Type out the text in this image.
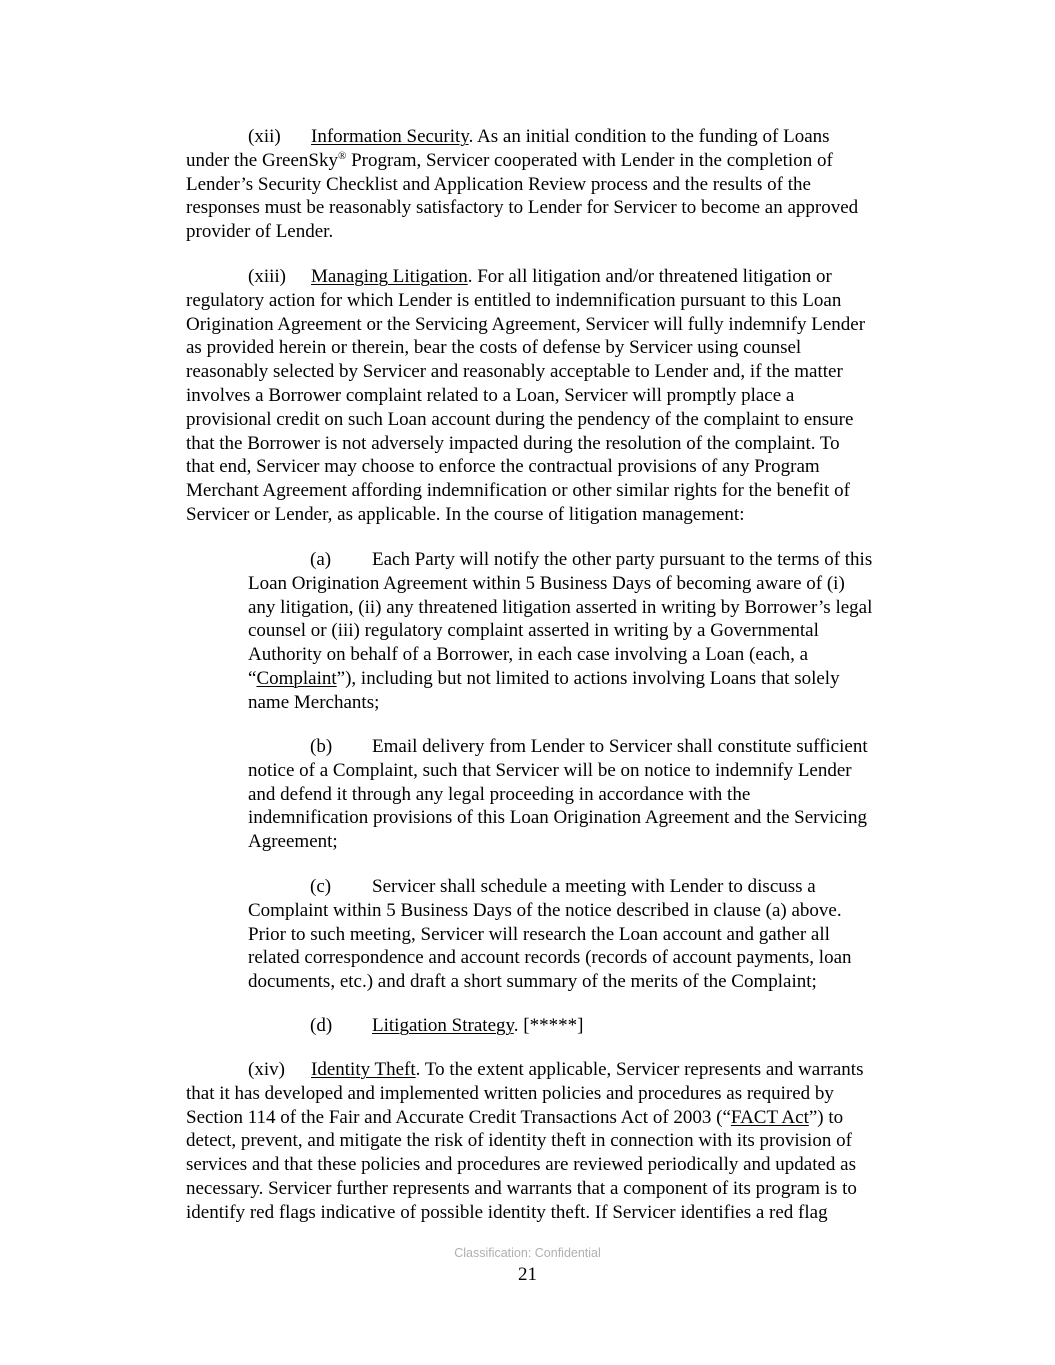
(xii) Information Security. As an initial condition to the funding of Loans
under the GreenSky® Program, Servicer cooperated with Lender in the completion of
Lender’s Security Checklist and Application Review process and the results of the
responses must be reasonably satisfactory to Lender for Servicer to become an approved
provider of Lender.
(xiii) Managing Litigation. For all litigation and/or threatened litigation or
regulatory action for which Lender is entitled to indemnification pursuant to this Loan
Origination Agreement or the Servicing Agreement, Servicer will fully indemnify Lender
as provided herein or therein, bear the costs of defense by Servicer using counsel
reasonably selected by Servicer and reasonably acceptable to Lender and, if the matter
involves a Borrower complaint related to a Loan, Servicer will promptly place a
provisional credit on such Loan account during the pendency of the complaint to ensure
that the Borrower is not adversely impacted during the resolution of the complaint. To
that end, Servicer may choose to enforce the contractual provisions of any Program
Merchant Agreement affording indemnification or other similar rights for the benefit of
Servicer or Lender, as applicable. In the course of litigation management:
(a) Each Party will notify the other party pursuant to the terms of this
Loan Origination Agreement within 5 Business Days of becoming aware of (i)
any litigation, (ii) any threatened litigation asserted in writing by Borrower’s legal
counsel or (iii) regulatory complaint asserted in writing by a Governmental
Authority on behalf of a Borrower, in each case involving a Loan (each, a
“Complaint”), including but not limited to actions involving Loans that solely
name Merchants;
(b) Email delivery from Lender to Servicer shall constitute sufficient
notice of a Complaint, such that Servicer will be on notice to indemnify Lender
and defend it through any legal proceeding in accordance with the
indemnification provisions of this Loan Origination Agreement and the Servicing
Agreement;
(c) Servicer shall schedule a meeting with Lender to discuss a
Complaint within 5 Business Days of the notice described in clause (a) above.
Prior to such meeting, Servicer will research the Loan account and gather all
related correspondence and account records (records of account payments, loan
documents, etc.) and draft a short summary of the merits of the Complaint;
(d) Litigation Strategy. [*****]
(xiv) Identity Theft. To the extent applicable, Servicer represents and warrants
that it has developed and implemented written policies and procedures as required by
Section 114 of the Fair and Accurate Credit Transactions Act of 2003 (“FACT Act”) to
detect, prevent, and mitigate the risk of identity theft in connection with its provision of
services and that these policies and procedures are reviewed periodically and updated as
necessary. Servicer further represents and warrants that a component of its program is to
identify red flags indicative of possible identity theft. If Servicer identifies a red flag
Classification: Confidential
21
